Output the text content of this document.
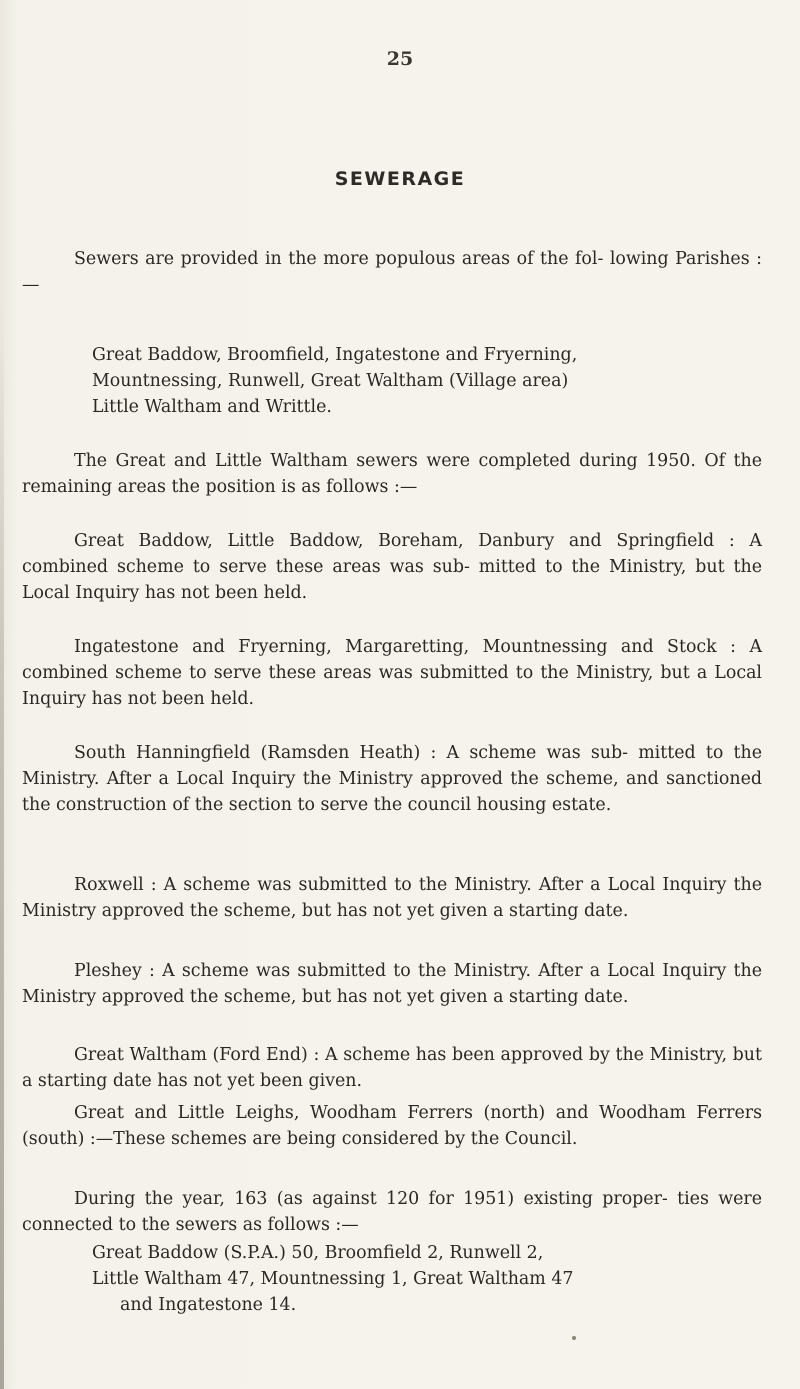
25
SEWERAGE

Sewers are provided in the more populous areas of the fol- lowing Parishes :—

Great Baddow, Broomfield, Ingatestone and Fryerning,
Mountnessing, Runwell, Great Waltham (Village area)
Little Waltham and Writtle.

The Great and Little Waltham sewers were completed during 1950. Of the remaining areas the position is as follows :—

Great Baddow, Little Baddow, Boreham, Danbury and Springfield : A combined scheme to serve these areas was sub- mitted to the Ministry, but the Local Inquiry has not been held.

Ingatestone and Fryerning, Margaretting, Mountnessing and Stock : A combined scheme to serve these areas was submitted to the Ministry, but a Local Inquiry has not been held.

South Hanningfield (Ramsden Heath) : A scheme was sub- mitted to the Ministry. After a Local Inquiry the Ministry approved the scheme, and sanctioned the construction of the section to serve the council housing estate.

Roxwell : A scheme was submitted to the Ministry. After a Local Inquiry the Ministry approved the scheme, but has not yet given a starting date.

Pleshey : A scheme was submitted to the Ministry. After a Local Inquiry the Ministry approved the scheme, but has not yet given a starting date.

Great Waltham (Ford End) : A scheme has been approved by the Ministry, but a starting date has not yet been given.

Great and Little Leighs, Woodham Ferrers (north) and Woodham Ferrers (south) :—These schemes are being considered by the Council.

During the year, 163 (as against 120 for 1951) existing proper- ties were connected to the sewers as follows :—

Great Baddow (S.P.A.) 50, Broomfield 2, Runwell 2,
Little Waltham 47, Mountnessing 1, Great Waltham 47
and Ingatestone 14.
